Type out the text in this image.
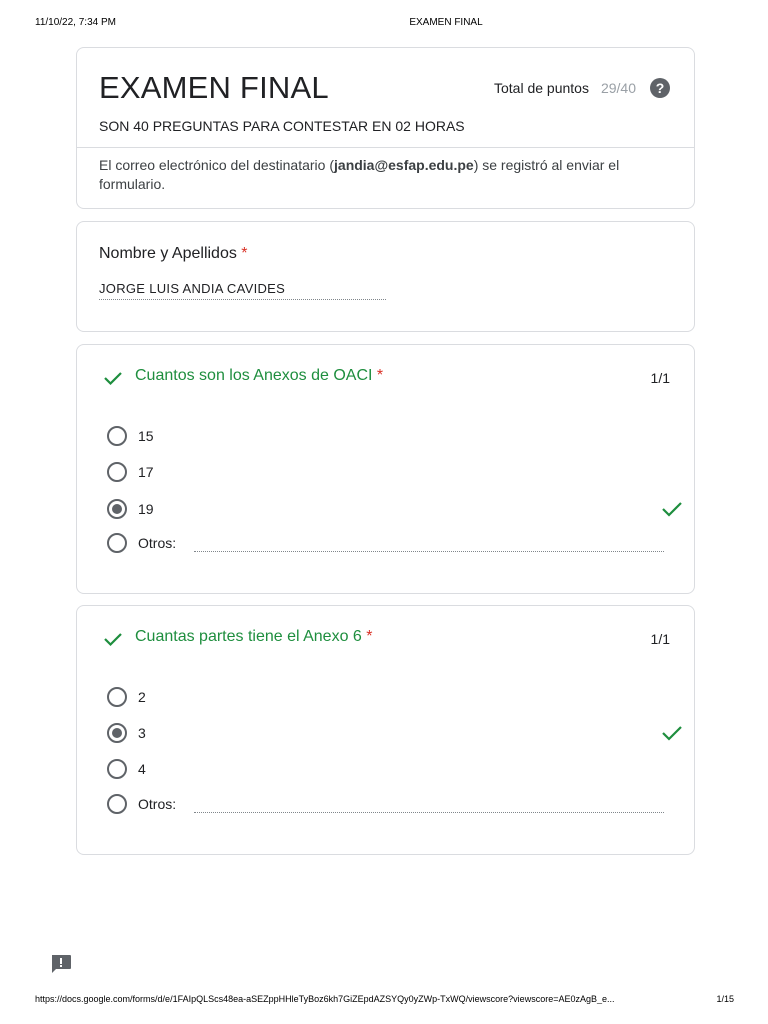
11/10/22, 7:34 PM	EXAMEN FINAL
EXAMEN FINAL	Total de puntos 29/40	?
SON 40 PREGUNTAS PARA CONTESTAR EN 02 HORAS
El correo electrónico del destinatario (jandia@esfap.edu.pe) se registró al enviar el formulario.
Nombre y Apellidos *
JORGE LUIS ANDIA CAVIDES
Cuantos son los Anexos de OACI *	1/1
15
17
19
Otros:
Cuantas partes tiene el Anexo 6 *	1/1
2
3
4
Otros:
https://docs.google.com/forms/d/e/1FAIpQLScs48ea-aSEZppHHleTyBoz6kh7GiZEpdAZSYQy0yZWp-TxWQ/viewscore?viewscore=AE0zAgB_e...	1/15
